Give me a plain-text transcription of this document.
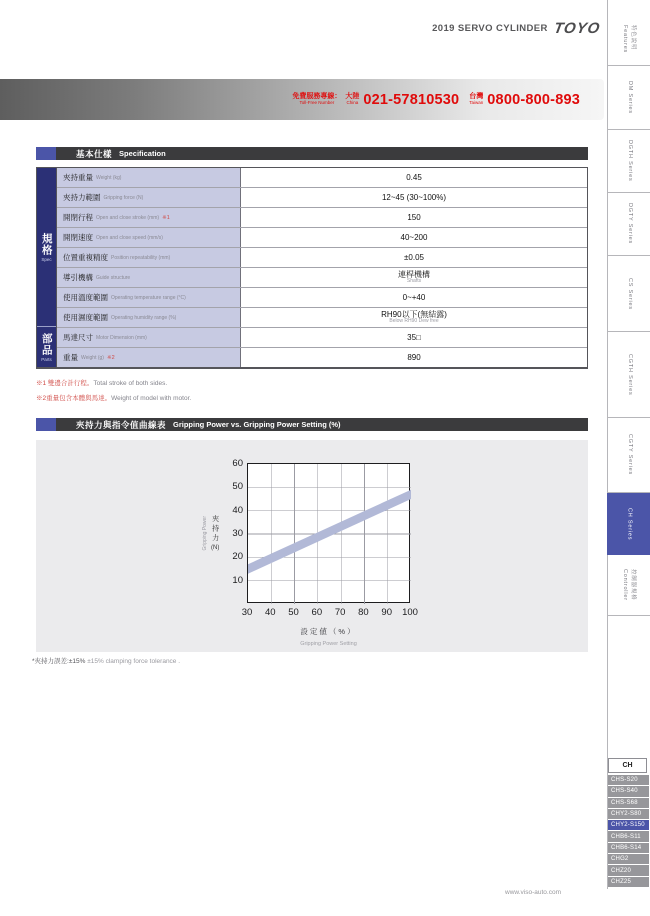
2019 SERVO CYLINDER TOYO
免費服務專線：
Toll-Free Number
大陸
China 021-57810530 台灣
Taiwan 0800-800-893
基本仕樣 Specification
規格
Spec
部品
Parts
夾持重量 Weight (kg)	0.45
夾持力範圍 Gripping force (N)	12~45 (30~100%)
開閉行程 Open and close stroke (mm) ※1	150
開閉速度 Open and close speed (mm/s)	40~200
位置重複精度 Position repeatability (mm)	±0.05
導引機構 Guide structure	連桿機構
Shafts
使用溫度範圍 Operating temperature range (°C)	0~+40
使用濕度範圍 Operating humidity range (%)	RH90以下(無結露)
Below RH90 Dew free
馬達尺寸 Motor Dimension (mm)	35□
重量 Weight (g) ※2	890
※1 雙邊合計行程。Total stroke of both sides.
※2重量包含本體與馬達。Weight of model with motor.
夾持力與指令值曲線表 Gripping Power vs. Gripping Power Setting (%)
Gripping Power 夾持力
(N)
設定値（%）
Gripping Power Setting
30 40 50 60 70 80 90 100
10
20
30
40
50
60
*夾持力誤差:±15% ±15% clamping force tolerance .
特色說明
Features
DM Series
DGTH Series
DGTY Series
CS Series
CGTH Series
CGTY Series
CH Series
控制器規格
Controller
CH
CHS-S20
CHS-S40
CHS-S68
CHY2-S80
CHY2-S150
CHB6-S11
CHB6-S14
CHG2
CHZ20
CHZ25
www.viso-auto.com
